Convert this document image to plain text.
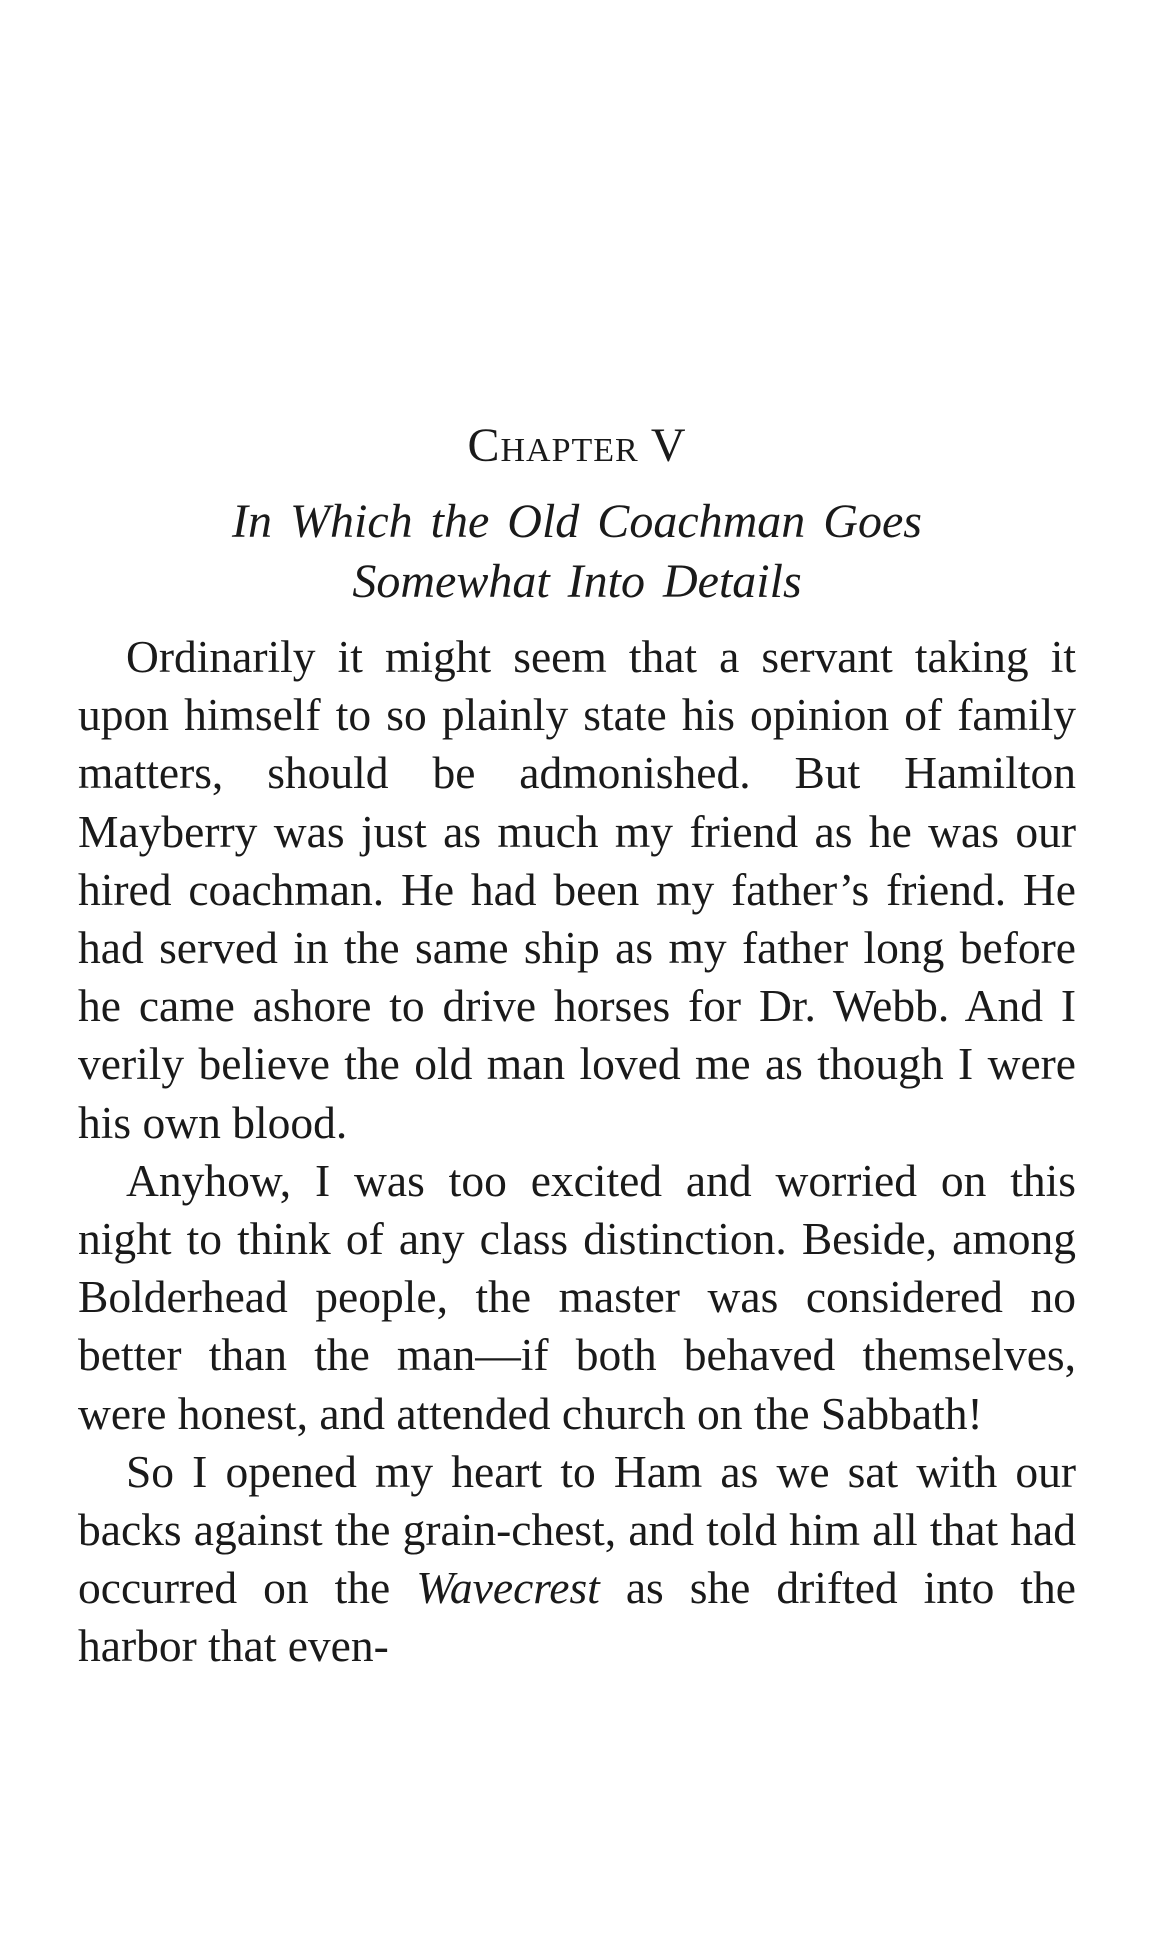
Chapter V
In Which the Old Coachman Goes
Somewhat Into Details

Ordinarily it might seem that a servant taking it upon himself to so plainly state his opinion of family matters, should be admonished. But Hamilton Mayberry was just as much my friend as he was our hired coachman. He had been my father’s friend. He had served in the same ship as my father long before he came ashore to drive horses for Dr. Webb. And I verily believe the old man loved me as though I were his own blood.

Anyhow, I was too excited and worried on this night to think of any class distinction. Beside, among Bolderhead people, the master was considered no better than the man—if both behaved themselves, were honest, and attended church on the Sabbath!

So I opened my heart to Ham as we sat with our backs against the grain-chest, and told him all that had occurred on the Wavecrest as she drifted into the harbor that even-
